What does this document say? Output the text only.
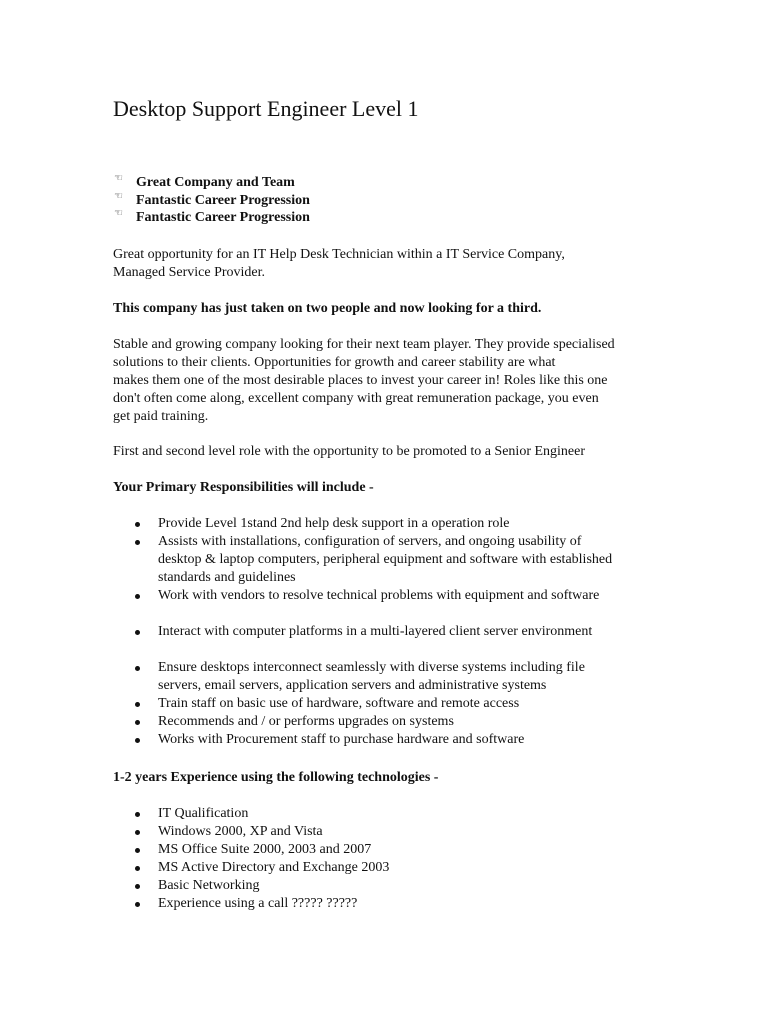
Desktop Support Engineer Level 1
☜ Great Company and Team
☜ Fantastic Career Progression
☜ Fantastic Career Progression

Great opportunity for an IT Help Desk Technician within a IT Service Company,
Managed Service Provider.

This company has just taken on two people and now looking for a third.

Stable and growing company looking for their next team player. They provide specialised
solutions to their clients. Opportunities for growth and career stability are what
makes them one of the most desirable places to invest your career in! Roles like this one
don't often come along, excellent company with great remuneration package, you even
get paid training.

First and second level role with the opportunity to be promoted to a Senior Engineer

Your Primary Responsibilities will include -

Provide Level 1stand 2nd help desk support in a operation role
Assists with installations, configuration of servers, and ongoing usability of
desktop & laptop computers, peripheral equipment and software with established
standards and guidelines
Work with vendors to resolve technical problems with equipment and software
Interact with computer platforms in a multi-layered client server environment
Ensure desktops interconnect seamlessly with diverse systems including file
servers, email servers, application servers and administrative systems
Train staff on basic use of hardware, software and remote access
Recommends and / or performs upgrades on systems
Works with Procurement staff to purchase hardware and software

1-2 years Experience using the following technologies -

IT Qualification
Windows 2000, XP and Vista
MS Office Suite 2000, 2003 and 2007
MS Active Directory and Exchange 2003
Basic Networking
Experience using a call ????? ?????
